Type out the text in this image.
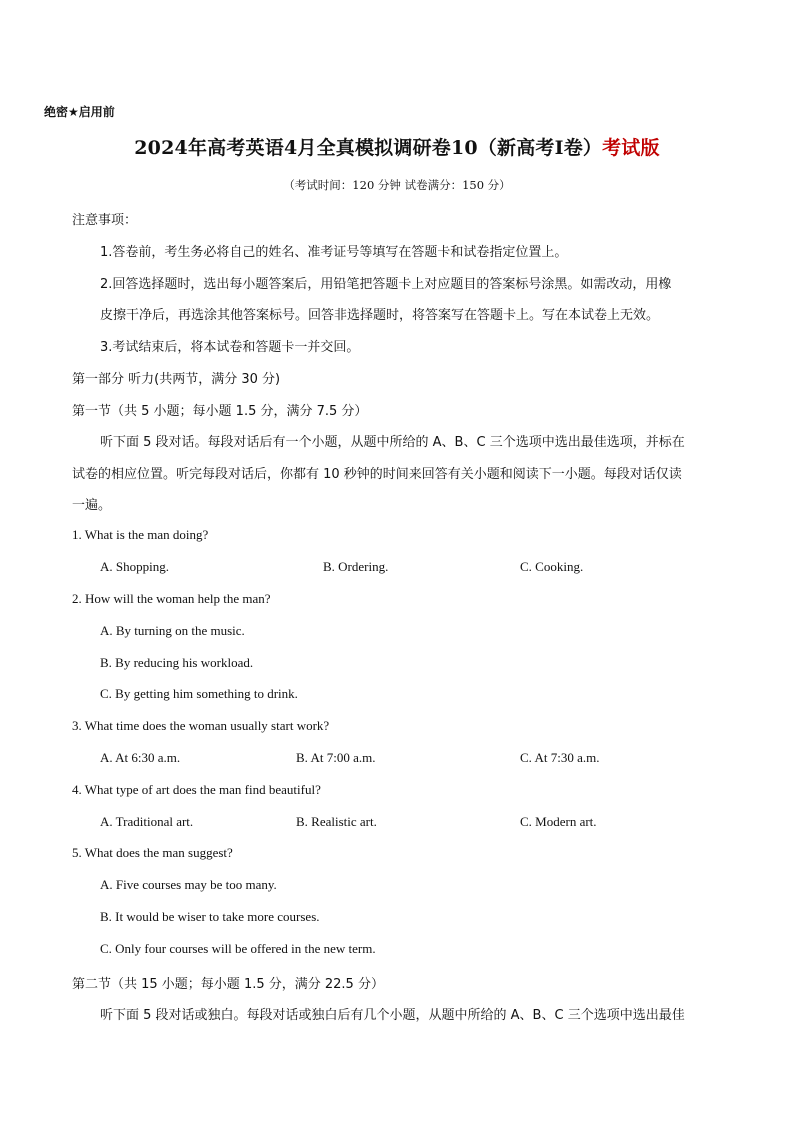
绝密★启用前
2024年高考英语4月全真模拟调研卷10（新高考I卷）考试版
（考试时间：120 分钟 试卷满分：150 分）
注意事项：
1.答卷前，考生务必将自己的姓名、准考证号等填写在答题卡和试卷指定位置上。
2.回答选择题时，选出每小题答案后，用铅笔把答题卡上对应题目的答案标号涂黑。如需改动，用橡
皮擦干净后，再选涂其他答案标号。回答非选择题时，将答案写在答题卡上。写在本试卷上无效。
3.考试结束后，将本试卷和答题卡一并交回。
第一部分 听力(共两节，满分 30 分)
第一节（共 5 小题；每小题 1.5 分，满分 7.5 分）
听下面 5 段对话。每段对话后有一个小题，从题中所给的 A、B、C 三个选项中选出最佳选项，并标在
试卷的相应位置。听完每段对话后，你都有 10 秒钟的时间来回答有关小题和阅读下一小题。每段对话仅读
一遍。
1. What is the man doing?
A. Shopping.	B. Ordering.	C. Cooking.
2. How will the woman help the man?
A. By turning on the music.
B. By reducing his workload.
C. By getting him something to drink.
3. What time does the woman usually start work?
A. At 6:30 a.m.	B. At 7:00 a.m.	C. At 7:30 a.m.
4. What type of art does the man find beautiful?
A. Traditional art.	B. Realistic art.	C. Modern art.
5. What does the man suggest?
A. Five courses may be too many.
B. It would be wiser to take more courses.
C. Only four courses will be offered in the new term.
第二节（共 15 小题；每小题 1.5 分，满分 22.5 分）
听下面 5 段对话或独白。每段对话或独白后有几个小题，从题中所给的 A、B、C 三个选项中选出最佳
